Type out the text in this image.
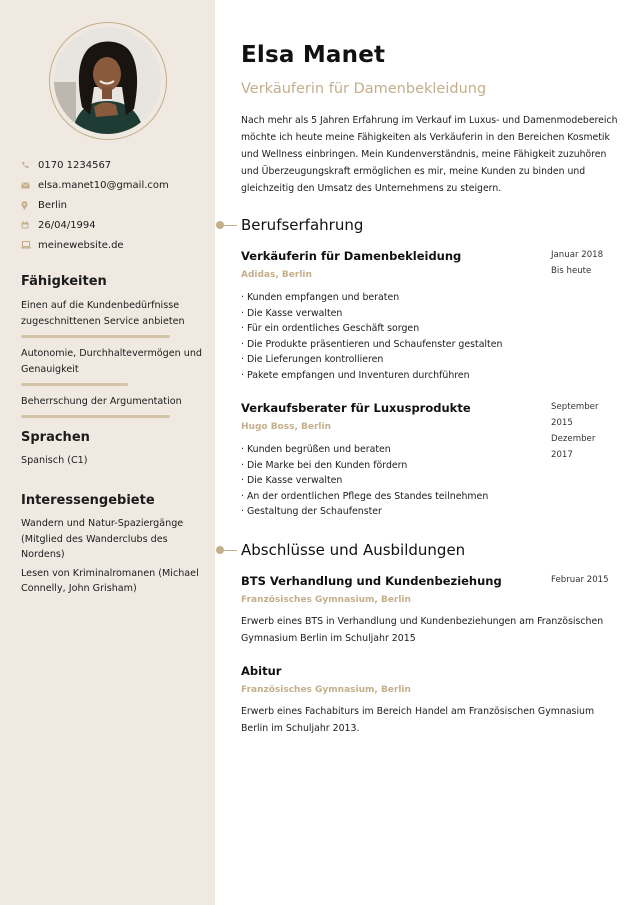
0170 1234567
elsa.manet10@gmail.com
Berlin
26/04/1994
meinewebsite.de
Fähigkeiten
Einen auf die Kundenbedürfnisse zugeschnittenen Service anbieten
Autonomie, Durchhaltevermögen und Genauigkeit
Beherrschung der Argumentation
Sprachen
Spanisch (C1)
Interessengebiete
Wandern und Natur-Spaziergänge (Mitglied des Wanderclubs des Nordens)
Lesen von Kriminalromanen (Michael Connelly, John Grisham)
Elsa Manet
Verkäuferin für Damenbekleidung
Nach mehr als 5 Jahren Erfahrung im Verkauf im Luxus- und Damenmodebereich möchte ich heute meine Fähigkeiten als Verkäuferin in den Bereichen Kosmetik und Wellness einbringen. Mein Kundenverständnis, meine Fähigkeit zuzuhören und Überzeugungskraft ermöglichen es mir, meine Kunden zu binden und gleichzeitig den Umsatz des Unternehmens zu steigern.
Berufserfahrung
Verkäuferin für Damenbekleidung	Januar 2018
Bis heute
Adidas, Berlin
· Kunden empfangen und beraten
· Die Kasse verwalten
· Für ein ordentliches Geschäft sorgen
· Die Produkte präsentieren und Schaufenster gestalten
· Die Lieferungen kontrollieren
· Pakete empfangen und Inventuren durchführen
Verkaufsberater für Luxusprodukte	September 2015
Dezember 2017
Hugo Boss, Berlin
· Kunden begrüßen und beraten
· Die Marke bei den Kunden fördern
· Die Kasse verwalten
· An der ordentlichen Pflege des Standes teilnehmen
· Gestaltung der Schaufenster
Abschlüsse und Ausbildungen
BTS Verhandlung und Kundenbeziehung	Februar 2015
Französisches Gymnasium, Berlin
Erwerb eines BTS in Verhandlung und Kundenbeziehungen am Französischen Gymnasium Berlin im Schuljahr 2015
Abitur
Französisches Gymnasium, Berlin
Erwerb eines Fachabiturs im Bereich Handel am Französischen Gymnasium Berlin im Schuljahr 2013.
